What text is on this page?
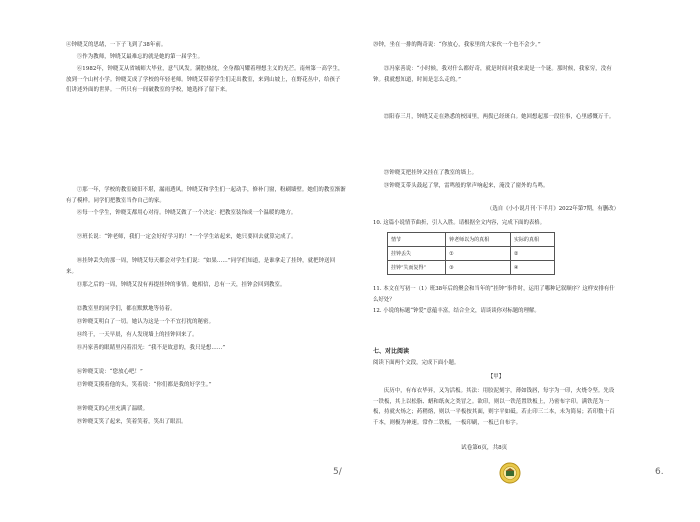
④钟晓艾的思绪，一下子飞到了38年前。
⑤作为教师，钟晓艾最难忘的就是她的第一届学生。
⑥1982年，钟晓艾从省城师大毕业，意气风发。满腔热忱，全身都闪耀着理想主义的光芒。南州第一高学生，放到一个山村小学。钟晓艾成了学校的年轻老师。钟晓艾带着学生们走出教室，来到山坡上，在野花丛中，给孩子们讲述外面的世界。一所只有一间破教室的学校，她选择了留下来。
⑦那一年，学校的教室破旧不堪，漏雨透风。钟晓艾和学生们一起动手，修补门窗，粉刷墙壁。她们的教室渐渐有了模样。同学们把教室当作自己的家。
⑧每一个学生，钟晓艾都用心对待。钟晓艾做了一个决定：把教室装饰成一个温暖的地方。
⑨班长说：“钟老师，我们一定会好好学习的！”一个学生站起来，她只要回去就算完成了。
⑩挂钟丢失的那一周，钟晓艾每天都会对学生们说：“如果……”同学们知道，是谁拿走了挂钟，就把钟送回来。
⑪那之后的一周，钟晓艾没有再提挂钟的事情。她相信，总有一天，挂钟会回到教室。
⑫教室里的同学们，都在默默地等待着。
⑬钟晓艾明白了一切。她认为这是一个不宜打扰的秘密。
⑭终于，一天早晨，有人发现墙上的挂钟回来了。
⑮冯家善的眼睛里闪着泪光：“我不是故意的，我只是想……”
⑯钟晓艾说：“您放心吧！”
⑰钟晓艾摸着他的头，笑着说：“你们都是我的好学生。”
⑱钟晓艾的心里充满了温暖。
⑲钟晓艾笑了起来，笑着笑着，笑出了眼泪。
⑳钟，坐在一排的陶奇说：“你放心，我家里的大家伙一个也不会少。”
㉑冯家善说：“小时候，我对什么都好奇，就是时间对我来说是一个谜。那时候，我家穷，没有钟。我就想知道，时间是怎么走的。”
㉒阳春三月，钟晓艾走在熟悉的校园里，两鬓已经斑白。她回想起那一段往事，心里感慨万千。
㉓钟晓艾把挂钟又挂在了教室的墙上。
㉔钟晓艾带头鼓起了掌，雷鸣般的掌声响起来，淹没了窗外的鸟鸣。
（选自《小小说月刊·下半月》2022年第7期，有删改）
10. 这篇小说情节曲折，引人入胜。请根据全文内容，完成下面的表格。
情节	钟老师以为的真相	实际的真相
挂钟丢失	①	②
挂钟“失而复得”	③	④
11. 本文在写初一（1）班38年后的聚会和当年的“挂钟”事件时，运用了哪种记叙顺序？这样安排有什么好处？
12. 小说的标题“钟爱”意蕴丰富，结合全文，请谈谈你对标题的理解。
七、对比阅读
阅读下面两个文段，完成下面小题。
【甲】
庆历中，有布衣毕昇，又为活板。其法：用胶泥刻字，薄如钱唇，每字为一印，火烧令坚。先设一铁板，其上以松脂、蜡和纸灰之类冒之。欲印，则以一铁范置铁板上，乃密布字印。满铁范为一板，持就火炀之；药稍熔，则以一平板按其面，则字平如砥。若止印三二本，未为简易；若印数十百千本，则极为神速。常作二铁板，一板印刷，一板已自布字。
试卷第6页，共8页
5/	6.
